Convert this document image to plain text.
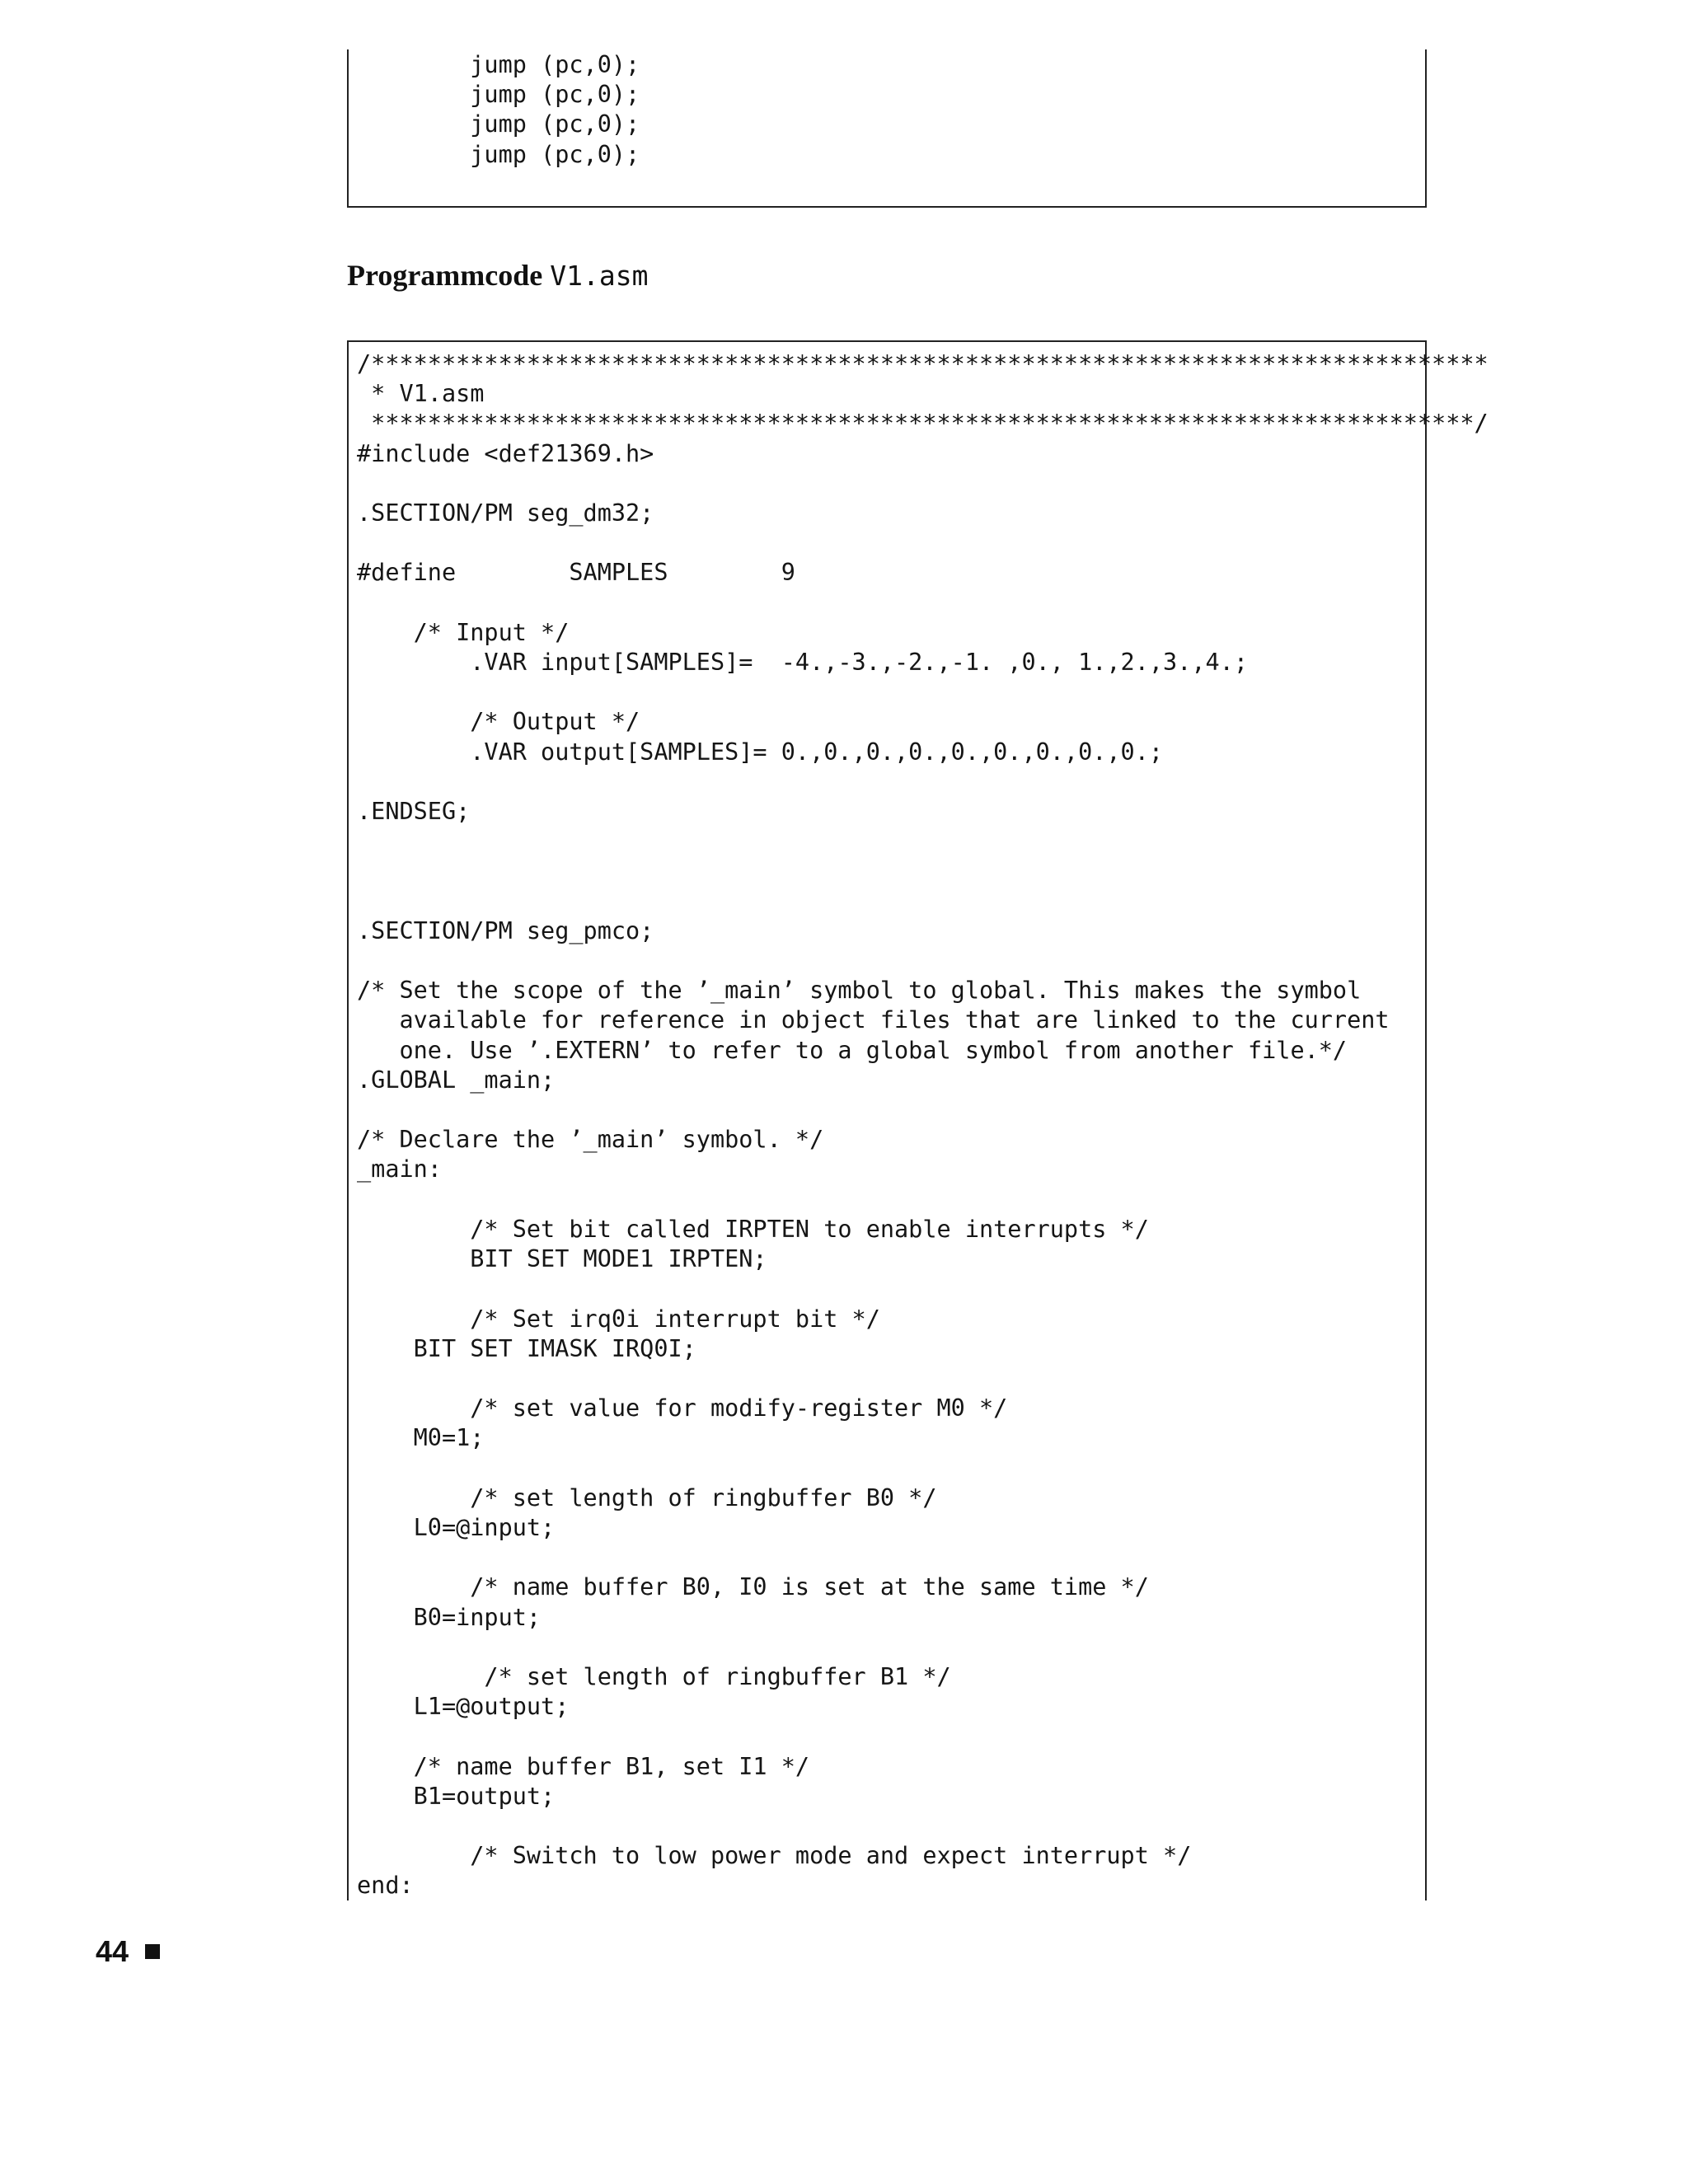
jump (pc,0);
jump (pc,0);
jump (pc,0);
jump (pc,0);
Programmcode V1.asm
/*******************************************************************************
* V1.asm
******************************************************************************/
#include <def21369.h>

.SECTION/PM seg_dm32;

#define        SAMPLES        9

/* Input */
.VAR input[SAMPLES]=  -4.,-3.,-2.,-1. ,0., 1.,2.,3.,4.;

/* Output */
.VAR output[SAMPLES]= 0.,0.,0.,0.,0.,0.,0.,0.,0.;

.ENDSEG;

.SECTION/PM seg_pmco;

/* Set the scope of the ’_main’ symbol to global. This makes the symbol
available for reference in object files that are linked to the current
one. Use ’.EXTERN’ to refer to a global symbol from another file.*/
.GLOBAL _main;

/* Declare the ’_main’ symbol. */
_main:

/* Set bit called IRPTEN to enable interrupts */
BIT SET MODE1 IRPTEN;

/* Set irq0i interrupt bit */
BIT SET IMASK IRQ0I;

/* set value for modify-register M0 */
M0=1;

/* set length of ringbuffer B0 */
L0=@input;

/* name buffer B0, I0 is set at the same time */
B0=input;

/* set length of ringbuffer B1 */
L1=@output;

/* name buffer B1, set I1 */
B1=output;

/* Switch to low power mode and expect interrupt */
end:
44
